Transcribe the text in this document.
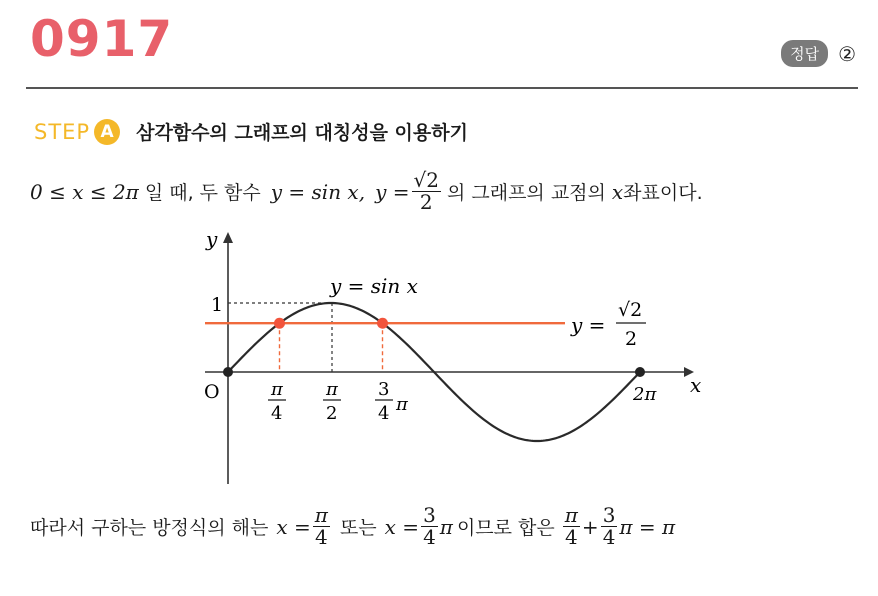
0917	정답 ②
STEP A	삼각함수의 그래프의 대칭성을 이용하기
0 ≤ x ≤ 2π 일 때, 두 함수 y = sin x, $y = \frac{√2}{2}$ 의 그래프의 교점의 x 좌표이다.
y
x
O
1
y = sin x
y =
√2
2
π
4
π
2
3
4 π	2π
따라서 구하는 방정식의 해는 $x = \frac{\pi}{4}$ 또는 $x = \frac{3}{4}$ π 이므로 합은 $\frac{\pi}{4} + \frac{3}{4}$ π = π
